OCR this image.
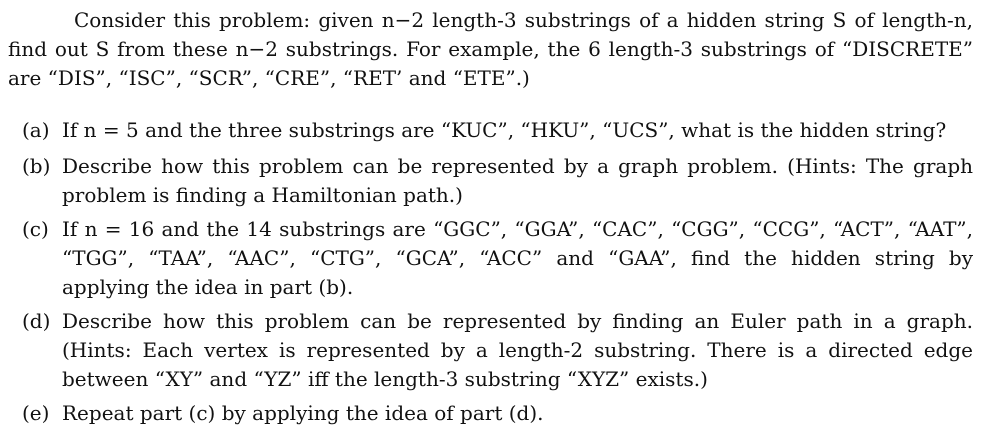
Consider this problem: given n−2 length-3 substrings of a hidden string S of length-n, find out S from these n−2 substrings. For example, the 6 length-3 substrings of “DISCRETE” are “DIS”, “ISC”, “SCR”, “CRE”, “RET’ and “ETE”.)
(a) If n = 5 and the three substrings are “KUC”, “HKU”, “UCS”, what is the hidden string?

(b) Describe how this problem can be represented by a graph problem. (Hints: The graph problem is finding a Hamiltonian path.)

(c) If n = 16 and the 14 substrings are “GGC”, “GGA”, “CAC”, “CGG”, “CCG”, “ACT”, “AAT”, “TGG”, “TAA”, “AAC”, “CTG”, “GCA”, “ACC” and “GAA”, find the hidden string by applying the idea in part (b).

(d) Describe how this problem can be represented by finding an Euler path in a graph. (Hints: Each vertex is represented by a length-2 substring. There is a directed edge between “XY” and “YZ” iff the length-3 substring “XYZ” exists.)

(e) Repeat part (c) by applying the idea of part (d).
